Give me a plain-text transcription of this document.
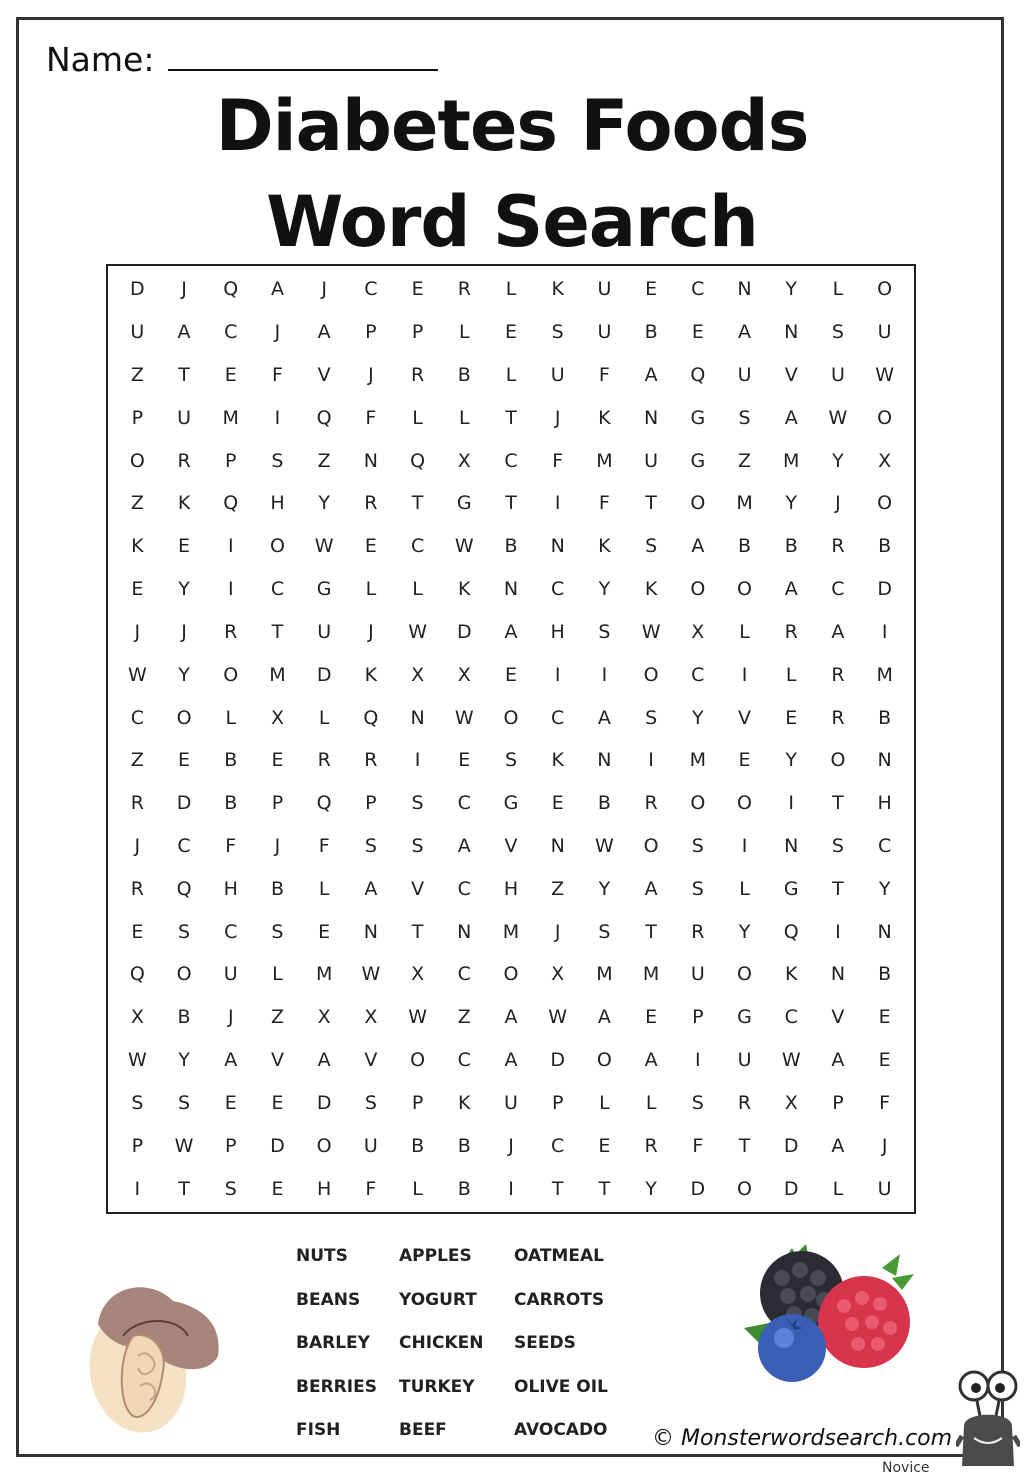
Name:
Diabetes Foods
Word Search
D	J	Q	A	J	C	E	R	L	K	U	E	C	N	Y	L	O
U	A	C	J	A	P	P	L	E	S	U	B	E	A	N	S	U
Z	T	E	F	V	J	R	B	L	U	F	A	Q	U	V	U	W
P	U	M	I	Q	F	L	L	T	J	K	N	G	S	A	W	O
O	R	P	S	Z	N	Q	X	C	F	M	U	G	Z	M	Y	X
Z	K	Q	H	Y	R	T	G	T	I	F	T	O	M	Y	J	O
K	E	I	O	W	E	C	W	B	N	K	S	A	B	B	R	B
E	Y	I	C	G	L	L	K	N	C	Y	K	O	O	A	C	D
J	J	R	T	U	J	W	D	A	H	S	W	X	L	R	A	I
W	Y	O	M	D	K	X	X	E	I	I	O	C	I	L	R	M
C	O	L	X	L	Q	N	W	O	C	A	S	Y	V	E	R	B
Z	E	B	E	R	R	I	E	S	K	N	I	M	E	Y	O	N
R	D	B	P	Q	P	S	C	G	E	B	R	O	O	I	T	H
J	C	F	J	F	S	S	A	V	N	W	O	S	I	N	S	C
R	Q	H	B	L	A	V	C	H	Z	Y	A	S	L	G	T	Y
E	S	C	S	E	N	T	N	M	J	S	T	R	Y	Q	I	N
Q	O	U	L	M	W	X	C	O	X	M	M	U	O	K	N	B
X	B	J	Z	X	X	W	Z	A	W	A	E	P	G	C	V	E
W	Y	A	V	A	V	O	C	A	D	O	A	I	U	W	A	E
S	S	E	E	D	S	P	K	U	P	L	L	S	R	X	P	F
P	W	P	D	O	U	B	B	J	C	E	R	F	T	D	A	J
I	T	S	E	H	F	L	B	I	T	T	Y	D	O	D	L	U
NUTS	APPLES	OATMEAL
BEANS	YOGURT	CARROTS
BARLEY	CHICKEN	SEEDS
BERRIES	TURKEY	OLIVE OIL
FISH	BEEF	AVOCADO	© Monsterwordsearch.com
Novice
